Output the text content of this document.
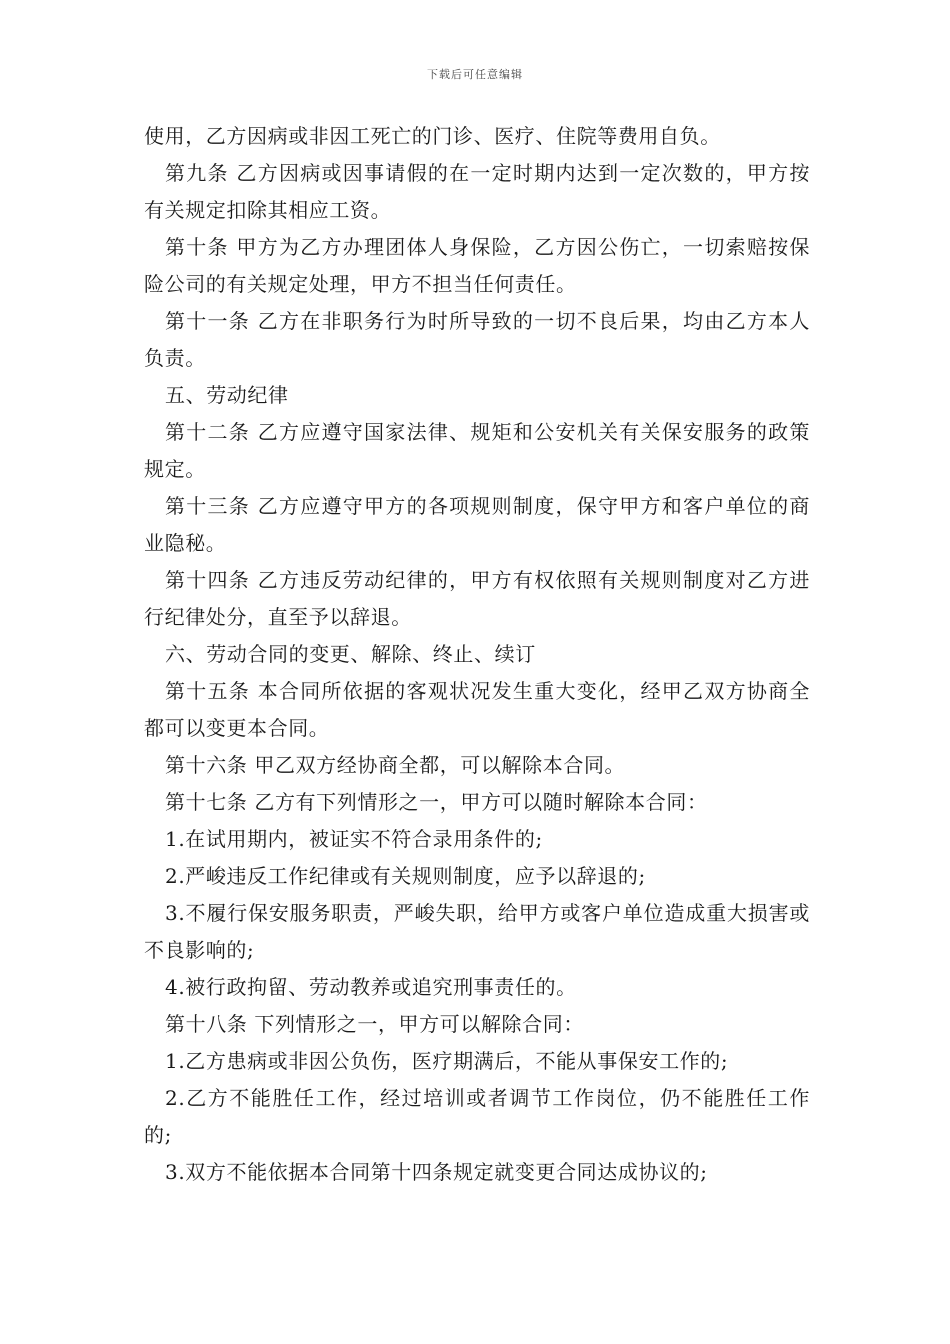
下载后可任意编辑

使用，乙方因病或非因工死亡的门诊、医疗、住院等费用自负。

第九条 乙方因病或因事请假的在一定时期内达到一定次数的，甲方按有关规定扣除其相应工资。

第十条 甲方为乙方办理团体人身保险，乙方因公伤亡，一切索赔按保险公司的有关规定处理，甲方不担当任何责任。

第十一条 乙方在非职务行为时所导致的一切不良后果，均由乙方本人负责。

五、劳动纪律

第十二条 乙方应遵守国家法律、规矩和公安机关有关保安服务的政策规定。

第十三条 乙方应遵守甲方的各项规则制度，保守甲方和客户单位的商业隐秘。

第十四条 乙方违反劳动纪律的，甲方有权依照有关规则制度对乙方进行纪律处分，直至予以辞退。

六、劳动合同的变更、解除、终止、续订

第十五条 本合同所依据的客观状况发生重大变化，经甲乙双方协商全都可以变更本合同。

第十六条 甲乙双方经协商全都，可以解除本合同。

第十七条 乙方有下列情形之一，甲方可以随时解除本合同：

1.在试用期内，被证实不符合录用条件的;

2.严峻违反工作纪律或有关规则制度，应予以辞退的;

3.不履行保安服务职责，严峻失职，给甲方或客户单位造成重大损害或不良影响的;

4.被行政拘留、劳动教养或追究刑事责任的。

第十八条 下列情形之一，甲方可以解除合同：

1.乙方患病或非因公负伤，医疗期满后，不能从事保安工作的;

2.乙方不能胜任工作，经过培训或者调节工作岗位，仍不能胜任工作的;

3.双方不能依据本合同第十四条规定就变更合同达成协议的;
